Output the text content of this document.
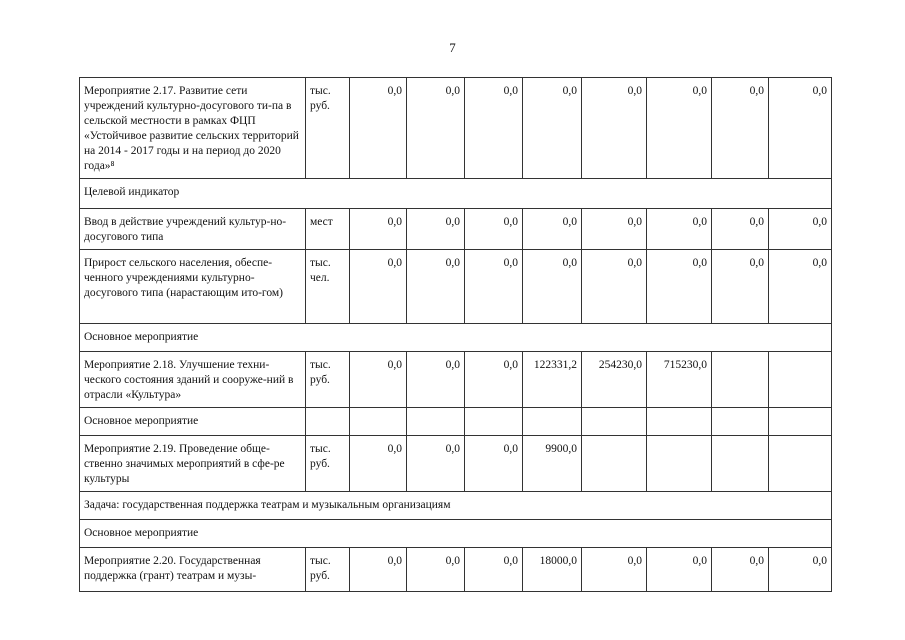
7
Мероприятие 2.17. Развитие сети учреждений культурно-досугового ти-па в сельской местности в рамках ФЦП «Устойчивое развитие сельских территорий на 2014 - 2017 годы и на период до 2020 года»⁸	тыс. руб.	0,0	0,0	0,0	0,0	0,0	0,0	0,0	0,0
Целевой индикатор									
Ввод в действие учреждений культур-но-досугового типа	мест	0,0	0,0	0,0	0,0	0,0	0,0	0,0	0,0
Прирост сельского населения, обеспе-ченного учреждениями культурно-досугового типа (нарастающим ито-гом)	тыс. чел.	0,0	0,0	0,0	0,0	0,0	0,0	0,0	0,0
Основное мероприятие									
Мероприятие 2.18. Улучшение техни-ческого состояния зданий и сооруже-ний в отрасли «Культура»	тыс. руб.	0,0	0,0	0,0	122331,2	254230,0	715230,0		
Основное мероприятие									
Мероприятие 2.19. Проведение обще-ственно значимых мероприятий в сфе-ре культуры	тыс. руб.	0,0	0,0	0,0	9900,0				
Задача: государственная поддержка театрам и музыкальным организациям									
Основное мероприятие									
Мероприятие 2.20. Государственная поддержка (грант) театрам и музы-	тыс. руб.	0,0	0,0	0,0	18000,0	0,0	0,0	0,0	0,0
